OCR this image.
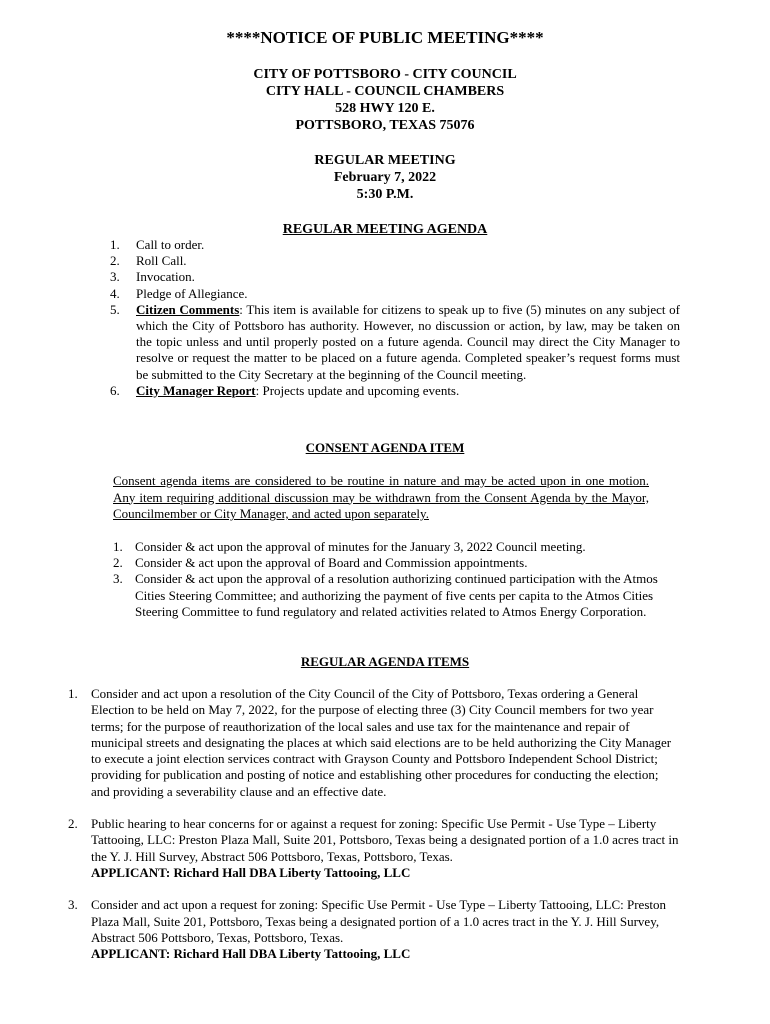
****NOTICE OF PUBLIC MEETING****
CITY OF POTTSBORO - CITY COUNCIL
CITY HALL - COUNCIL CHAMBERS
528 HWY 120 E.
POTTSBORO, TEXAS 75076
REGULAR MEETING
February 7, 2022
5:30 P.M.
REGULAR MEETING AGENDA
1. Call to order.
2. Roll Call.
3. Invocation.
4. Pledge of Allegiance.
5. Citizen Comments: This item is available for citizens to speak up to five (5) minutes on any subject of which the City of Pottsboro has authority. However, no discussion or action, by law, may be taken on the topic unless and until properly posted on a future agenda. Council may direct the City Manager to resolve or request the matter to be placed on a future agenda. Completed speaker’s request forms must be submitted to the City Secretary at the beginning of the Council meeting.
6. City Manager Report: Projects update and upcoming events.
CONSENT AGENDA ITEM
Consent agenda items are considered to be routine in nature and may be acted upon in one motion. Any item requiring additional discussion may be withdrawn from the Consent Agenda by the Mayor, Councilmember or City Manager, and acted upon separately.
1. Consider & act upon the approval of minutes for the January 3, 2022 Council meeting.
2. Consider & act upon the approval of Board and Commission appointments.
3. Consider & act upon the approval of a resolution authorizing continued participation with the Atmos Cities Steering Committee; and authorizing the payment of five cents per capita to the Atmos Cities Steering Committee to fund regulatory and related activities related to Atmos Energy Corporation.
REGULAR AGENDA ITEMS
1. Consider and act upon a resolution of the City Council of the City of Pottsboro, Texas ordering a General Election to be held on May 7, 2022, for the purpose of electing three (3) City Council members for two year terms; for the purpose of reauthorization of the local sales and use tax for the maintenance and repair of municipal streets and designating the places at which said elections are to be held authorizing the City Manager to execute a joint election services contract with Grayson County and Pottsboro Independent School District; providing for publication and posting of notice and establishing other procedures for conducting the election; and providing a severability clause and an effective date.
2. Public hearing to hear concerns for or against a request for zoning: Specific Use Permit - Use Type – Liberty Tattooing, LLC: Preston Plaza Mall, Suite 201, Pottsboro, Texas being a designated portion of a 1.0 acres tract in the Y. J. Hill Survey, Abstract 506 Pottsboro, Texas, Pottsboro, Texas.
APPLICANT: Richard Hall DBA Liberty Tattooing, LLC
3. Consider and act upon a request for zoning: Specific Use Permit - Use Type – Liberty Tattooing, LLC: Preston Plaza Mall, Suite 201, Pottsboro, Texas being a designated portion of a 1.0 acres tract in the Y. J. Hill Survey, Abstract 506 Pottsboro, Texas, Pottsboro, Texas.
APPLICANT: Richard Hall DBA Liberty Tattooing, LLC
